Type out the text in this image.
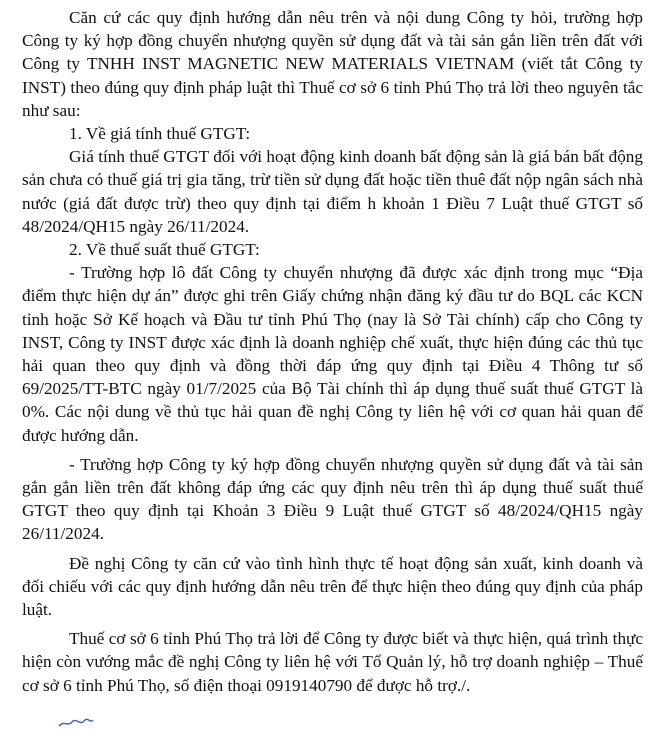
Căn cứ các quy định hướng dẫn nêu trên và nội dung Công ty hỏi, trường hợp Công ty ký hợp đồng chuyển nhượng quyền sử dụng đất và tài sản gắn liền trên đất với Công ty TNHH INST MAGNETIC NEW MATERIALS VIETNAM (viết tắt Công ty INST) theo đúng quy định pháp luật thì Thuế cơ sở 6 tỉnh Phú Thọ trả lời theo nguyên tắc như sau:

1. Về giá tính thuế GTGT:

Giá tính thuế GTGT đối với hoạt động kinh doanh bất động sản là giá bán bất động sản chưa có thuế giá trị gia tăng, trừ tiền sử dụng đất hoặc tiền thuê đất nộp ngân sách nhà nước (giá đất được trừ) theo quy định tại điểm h khoản 1 Điều 7 Luật thuế GTGT số 48/2024/QH15 ngày 26/11/2024.

2. Về thuế suất thuế GTGT:

- Trường hợp lô đất Công ty chuyển nhượng đã được xác định trong mục “Địa điểm thực hiện dự án” được ghi trên Giấy chứng nhận đăng ký đầu tư do BQL các KCN tỉnh hoặc Sở Kế hoạch và Đầu tư tỉnh Phú Thọ (nay là Sở Tài chính) cấp cho Công ty INST, Công ty INST được xác định là doanh nghiệp chế xuất, thực hiện đúng các thủ tục hải quan theo quy định và đồng thời đáp ứng quy định tại Điều 4 Thông tư số 69/2025/TT-BTC ngày 01/7/2025 của Bộ Tài chính thì áp dụng thuế suất thuế GTGT là 0%. Các nội dung về thủ tục hải quan đề nghị Công ty liên hệ với cơ quan hải quan để được hướng dẫn.

- Trường hợp Công ty ký hợp đồng chuyển nhượng quyền sử dụng đất và tài sản gắn gắn liền trên đất không đáp ứng các quy định nêu trên thì áp dụng thuế suất thuế GTGT theo quy định tại Khoản 3 Điều 9 Luật thuế GTGT số 48/2024/QH15 ngày 26/11/2024.

Đề nghị Công ty căn cứ vào tình hình thực tế hoạt động sản xuất, kinh doanh và đối chiếu với các quy định hướng dẫn nêu trên để thực hiện theo đúng quy định của pháp luật.

Thuế cơ sở 6 tỉnh Phú Thọ trả lời để Công ty được biết và thực hiện, quá trình thực hiện còn vướng mắc đề nghị Công ty liên hệ với Tổ Quản lý, hỗ trợ doanh nghiệp – Thuế cơ sở 6 tỉnh Phú Thọ, số điện thoại 0919140790 để được hỗ trợ./.
